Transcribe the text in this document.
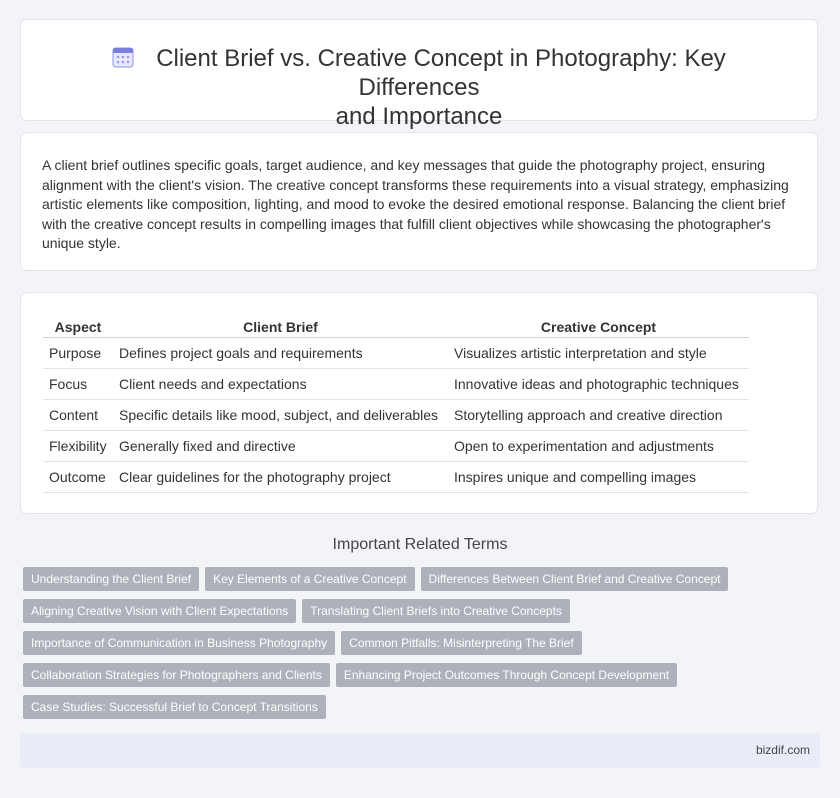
Client Brief vs. Creative Concept in Photography: Key Differences
and Importance

A client brief outlines specific goals, target audience, and key messages that guide the photography project, ensuring alignment with the client's vision. The creative concept transforms these requirements into a visual strategy, emphasizing artistic elements like composition, lighting, and mood to evoke the desired emotional response. Balancing the client brief with the creative concept results in compelling images that fulfill client objectives while showcasing the photographer's unique style.

Aspect	Client Brief	Creative Concept
Purpose	Defines project goals and requirements	Visualizes artistic interpretation and style
Focus	Client needs and expectations	Innovative ideas and photographic techniques
Content	Specific details like mood, subject, and deliverables	Storytelling approach and creative direction
Flexibility	Generally fixed and directive	Open to experimentation and adjustments
Outcome	Clear guidelines for the photography project	Inspires unique and compelling images
Important Related Terms
Understanding the Client Brief Key Elements of a Creative Concept Differences Between Client Brief and Creative Concept
Aligning Creative Vision with Client Expectations Translating Client Briefs into Creative Concepts
Importance of Communication in Business Photography Common Pitfalls: Misinterpreting The Brief
Collaboration Strategies for Photographers and Clients Enhancing Project Outcomes Through Concept Development
Case Studies: Successful Brief to Concept Transitions
bizdif.com
